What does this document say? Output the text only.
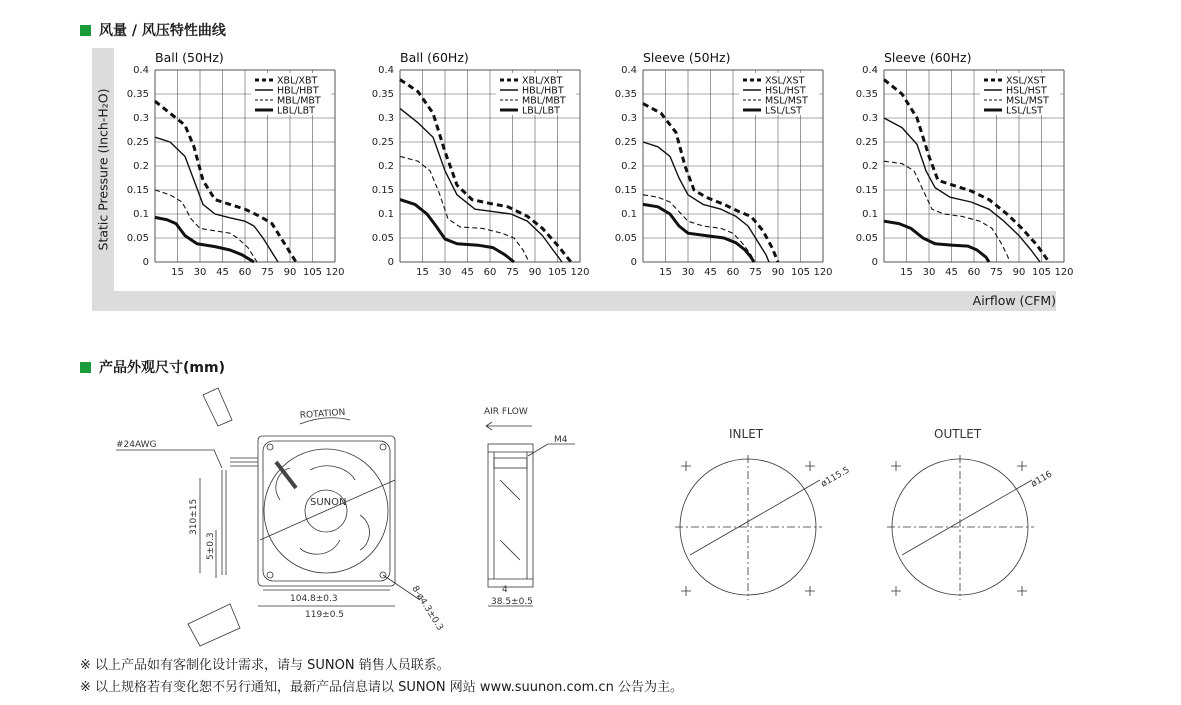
风量 / 风压特性曲线
Static Pressure (Inch-H₂O)
Airflow (CFM)
Ball (50Hz)
0
0.05
0.1
0.15
0.2
0.25
0.3
0.35
0.4
15 30 45 60 75 90 105 120
XBL/XBT
HBL/HBT
MBL/MBT
LBL/LBT
Ball (60Hz)
0
0.05
0.1
0.15
0.2
0.25
0.3
0.35
0.4
15 30 45 60 75 90 105 120
XBL/XBT
HBL/HBT
MBL/MBT
LBL/LBT
Sleeve (50Hz)
0
0.05
0.1
0.15
0.2
0.25
0.3
0.35
0.4
15 30 45 60 75 90 105 120
XSL/XST
HSL/HST
MSL/MST
LSL/LST
Sleeve (60Hz)
0
0.05
0.1
0.15
0.2
0.25
0.3
0.35
0.4
15 30 45 60 75 90 105 120
XSL/XST
HSL/HST
MSL/MST
LSL/LST
产品外观尺寸(mm)
SUNON
ROTATION
#24AWG
310±15
5±0.3
104.8±0.3
119±0.5	8-ø4.3±0.3
AIR FLOW
M4
4
38.5±0.5
INLET
ø115.5
OUTLET
ø116
※ 以上产品如有客制化设计需求，请与 SUNON 销售人员联系。
※ 以上规格若有变化恕不另行通知，最新产品信息请以 SUNON 网站 www.suunon.com.cn 公告为主。
